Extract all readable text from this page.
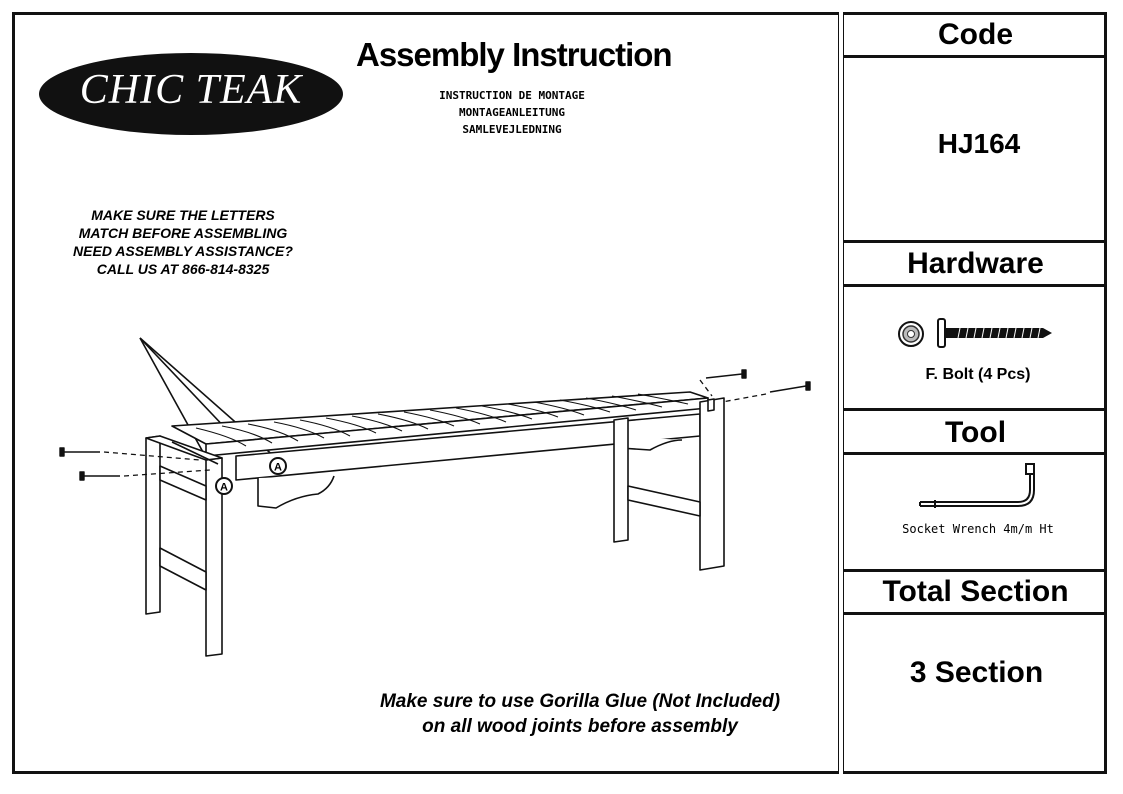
Code
HJ164
Hardware
F. Bolt (4 Pcs)
Tool
Socket Wrench 4m/m Ht
Total Section
3 Section
CHIC TEAK
Assembly Instruction
INSTRUCTION DE MONTAGE
MONTAGEANLEITUNG
SAMLEVEJLEDNING
MAKE SURE THE LETTERS
MATCH BEFORE ASSEMBLING
NEED ASSEMBLY ASSISTANCE?
CALL US AT 866-814-8325
Make sure to use Gorilla Glue (Not Included)
on all wood joints before assembly
A
A
